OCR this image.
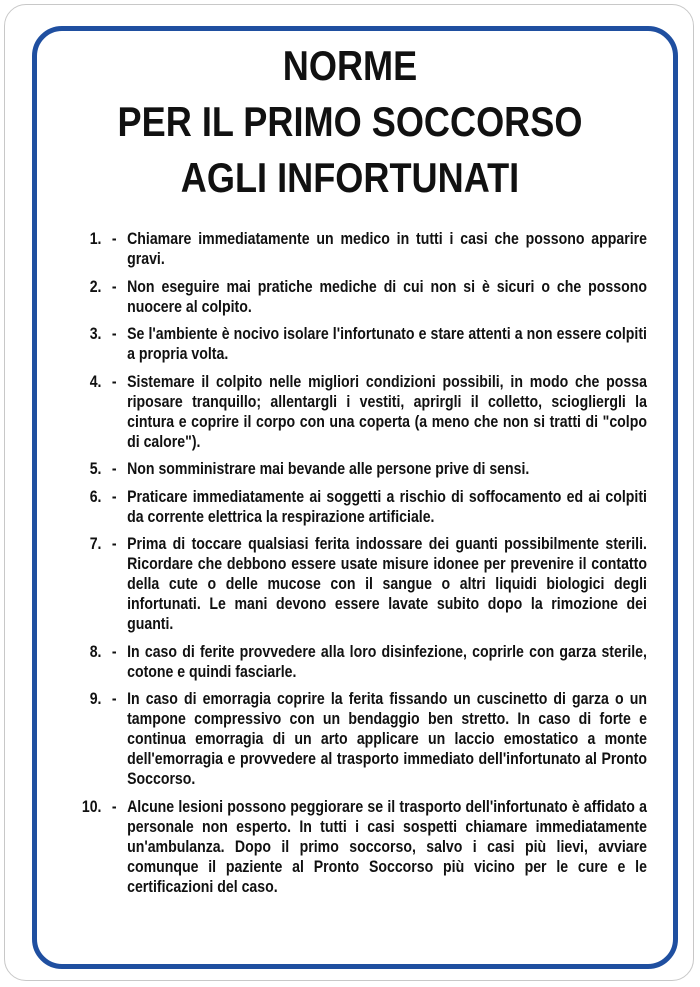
NORME
PER IL PRIMO SOCCORSO
AGLI INFORTUNATI
1. - Chiamare immediatamente un medico in tutti i casi che possono apparire gravi.
2. - Non eseguire mai pratiche mediche di cui non si è sicuri o che possono nuocere al colpito.
3. - Se l'ambiente è nocivo isolare l'infortunato e stare attenti a non essere colpiti a propria volta.
4. - Sistemare il colpito nelle migliori condizioni possibili, in modo che possa riposare tranquillo; allentargli i vestiti, aprirgli il colletto, sciogliergli la cintura e coprire il corpo con una coperta (a meno che non si tratti di "colpo di calore").
5. - Non somministrare mai bevande alle persone prive di sensi.
6. - Praticare immediatamente ai soggetti a rischio di soffocamento ed ai colpiti da corrente elettrica la respirazione artificiale.
7. - Prima di toccare qualsiasi ferita indossare dei guanti possibilmente sterili. Ricordare che debbono essere usate misure idonee per prevenire il contatto della cute o delle mucose con il sangue o altri liquidi biologici degli infortunati. Le mani devono essere lavate subito dopo la rimozione dei guanti.
8. - In caso di ferite provvedere alla loro disinfezione, coprirle con garza sterile, cotone e quindi fasciarle.
9. - In caso di emorragia coprire la ferita fissando un cuscinetto di garza o un tampone compressivo con un bendaggio ben stretto. In caso di forte e continua emorragia di un arto applicare un laccio emostatico a monte dell'emorragia e provvedere al trasporto immediato dell'infortunato al Pronto Soccorso.
10. - Alcune lesioni possono peggiorare se il trasporto dell'infortunato è affidato a personale non esperto. In tutti i casi sospetti chiamare immediatamente un'ambulanza. Dopo il primo soccorso, salvo i casi più lievi, avviare comunque il paziente al Pronto Soccorso più vicino per le cure e le certificazioni del caso.
